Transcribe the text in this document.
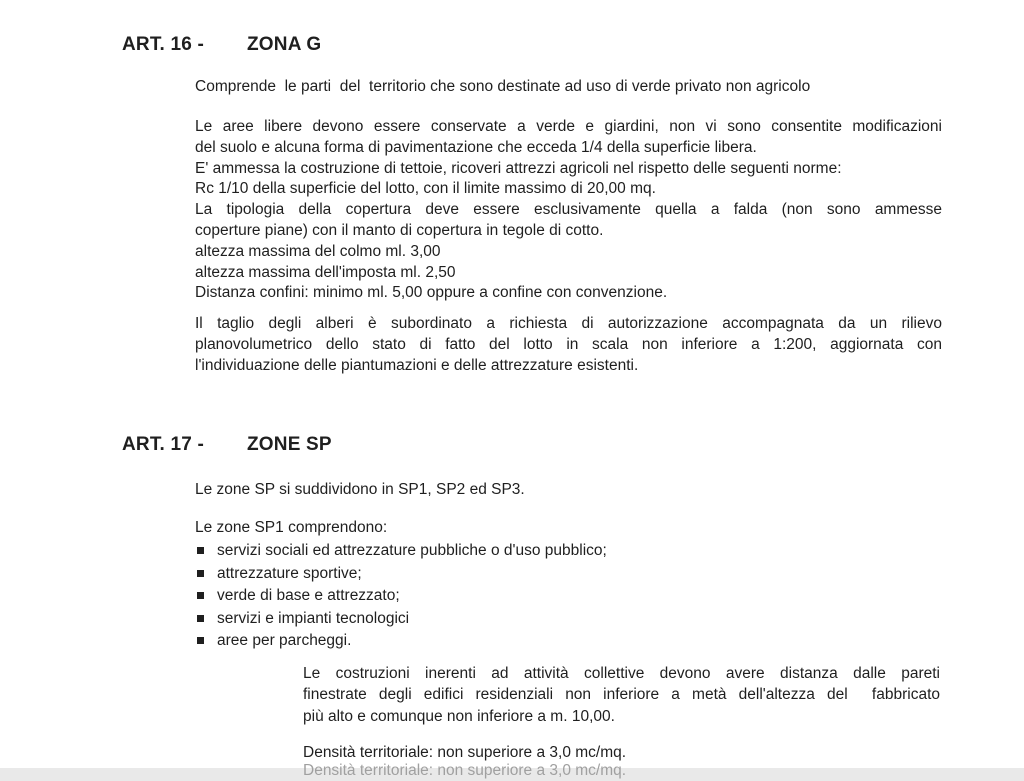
ART. 16 - ZONA G
Comprende  le parti  del  territorio che sono destinate ad uso di verde privato non agricolo
Le aree libere devono essere conservate a verde e giardini, non vi sono consentite modificazioni
del suolo e alcuna forma di pavimentazione che ecceda 1/4 della superficie libera.
E' ammessa la costruzione di tettoie, ricoveri attrezzi agricoli nel rispetto delle seguenti norme:
Rc 1/10 della superficie del lotto, con il limite massimo di 20,00 mq.
La tipologia della copertura deve essere esclusivamente quella a falda (non sono ammesse
coperture piane) con il manto di copertura in tegole di cotto.
altezza massima del colmo ml. 3,00
altezza massima dell'imposta ml. 2,50
Distanza confini: minimo ml. 5,00 oppure a confine con convenzione.
Il taglio degli alberi è subordinato a richiesta di autorizzazione accompagnata da un rilievo
planovolumetrico dello stato di fatto del lotto in scala non inferiore a 1:200, aggiornata con
l'individuazione delle piantumazioni e delle attrezzature esistenti.
ART. 17 - ZONE SP
Le zone SP si suddividono in SP1, SP2 ed SP3.
Le zone SP1 comprendono:
servizi sociali ed attrezzature pubbliche o d'uso pubblico;
attrezzature sportive;
verde di base e attrezzato;
servizi e impianti tecnologici
aree per parcheggi.
Le costruzioni inerenti ad attività collettive devono avere distanza dalle pareti
finestrate degli edifici residenziali non inferiore a metà dell'altezza del  fabbricato
più alto e comunque non inferiore a m. 10,00.
Densità territoriale: non superiore a 3,0 mc/mq.
Densità territoriale: non superiore a 3,0 mc/mq.
